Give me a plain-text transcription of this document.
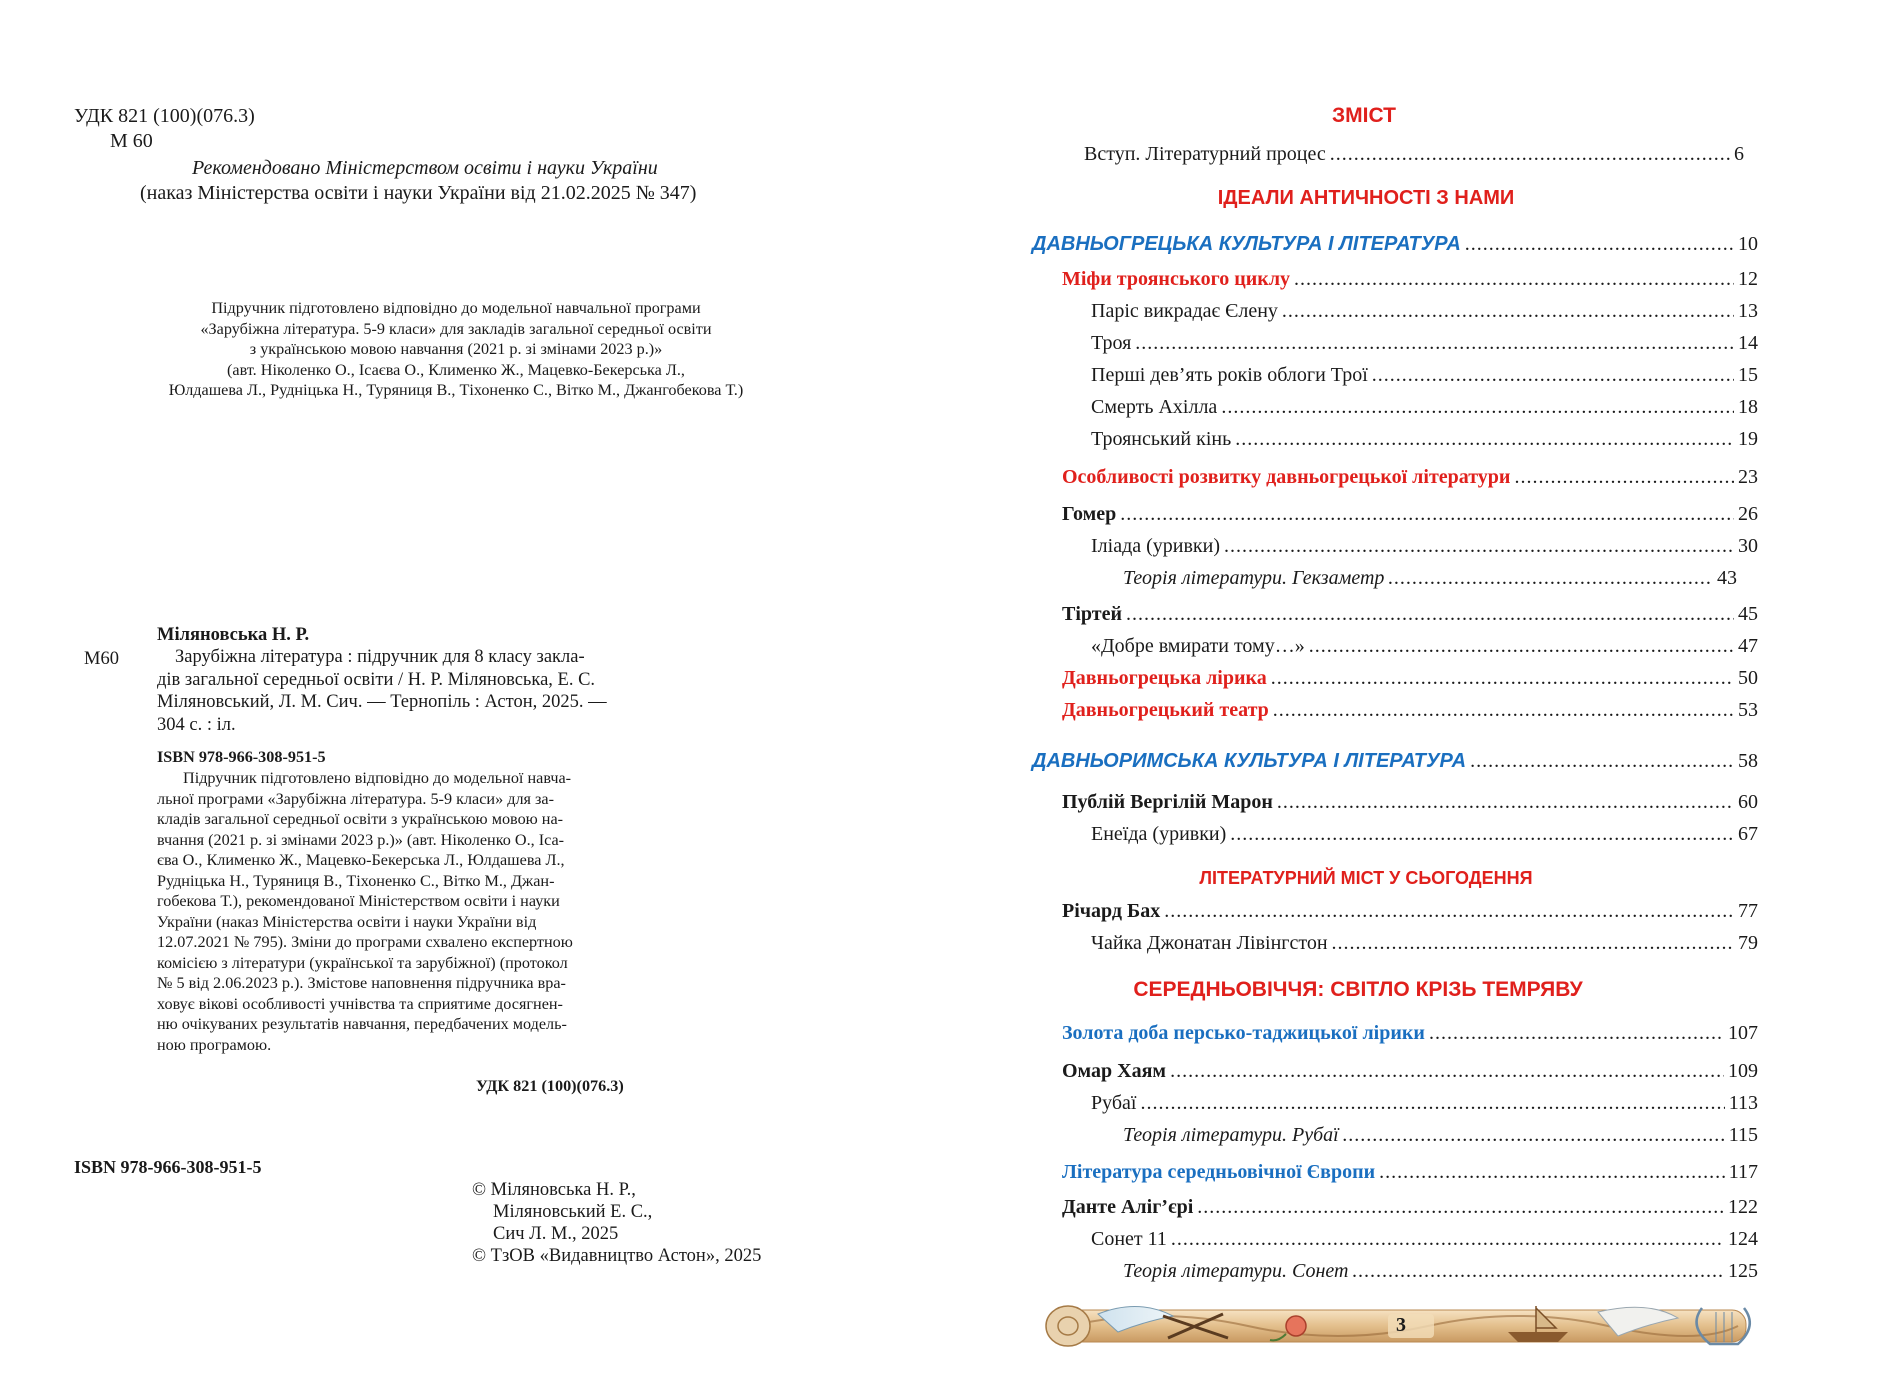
УДК 821 (100)(076.3)
М 60
Рекомендовано Міністерством освіти і науки України
(наказ Міністерства освіти і науки України від 21.02.2025 № 347)
Підручник підготовлено відповідно до модельної навчальної програми
«Зарубіжна література. 5-9 класи» для закладів загальної середньої освіти
з українською мовою навчання (2021 р. зі змінами 2023 р.)»
(авт. Ніколенко О., Ісаєва О., Клименко Ж., Мацевко-Бекерська Л.,
Юлдашева Л., Рудніцька Н., Туряниця В., Тіхоненко С., Вітко М., Джангобекова Т.)
Міляновська Н. Р.
М60	Зарубіжна література : підручник для 8 класу закла-
дів загальної середньої освіти / Н. Р. Міляновська, Е. С.
Міляновський, Л. М. Сич. — Тернопіль : Астон, 2025. —
304 с. : іл.
ISBN 978-966-308-951-5
Підручник підготовлено відповідно до модельної навча-
льної програми «Зарубіжна література. 5-9 класи» для за-
кладів загальної середньої освіти з українською мовою на-
вчання (2021 р. зі змінами 2023 р.)» (авт. Ніколенко О., Іса-
єва О., Клименко Ж., Мацевко-Бекерська Л., Юлдашева Л.,
Рудніцька Н., Туряниця В., Тіхоненко С., Вітко М., Джан-
гобекова Т.), рекомендованої Міністерством освіти і науки
України (наказ Міністерства освіти і науки України від
12.07.2021 № 795). Зміни до програми схвалено експертною
комісією з літератури (української та зарубіжної) (протокол
№ 5 від 2.06.2023 р.). Змістове наповнення підручника вра-
ховує вікові особливості учнівства та сприятиме досягнен-
ню очікуваних результатів навчання, передбачених модель-
ною програмою.
УДК 821 (100)(076.3)
ISBN 978-966-308-951-5
© Міляновська Н. Р.,
Міляновський Е. С.,
Сич Л. М., 2025
© ТзОВ «Видавництво Астон», 2025
ЗМІСТ
Вступ. Літературний процес .....	6
ІДЕАЛИ АНТИЧНОСТІ З НАМИ
ДАВНЬОГРЕЦЬКА КУЛЬТУРА І ЛІТЕРАТУРА .....	10
Міфи троянського циклу .....	12
Паріс викрадає Єлену .....	13
Троя .....	14
Перші дев’ять років облоги Трої .....	15
Смерть Ахілла .....	18
Троянський кінь .....	19
Особливості розвитку давньогрецької літератури .....	23
Гомер .....	26
Іліада (уривки) .....	30
Теорія літератури. Гекзаметр .....	43
Тіртей .....	45
«Добре вмирати тому…» .....	47
Давньогрецька лірика .....	50
Давньогрецький театр .....	53
ДАВНЬОРИМСЬКА КУЛЬТУРА І ЛІТЕРАТУРА .....	58
Публій Вергілій Марон .....	60
Енеїда (уривки) .....	67
ЛІТЕРАТУРНИЙ МІСТ У СЬОГОДЕННЯ
Річард Бах .....	77
Чайка Джонатан Лівінгстон .....	79
СЕРЕДНЬОВІЧЧЯ: СВІТЛО КРІЗЬ ТЕМРЯВУ
Золота доба персько-таджицької лірики .....	107
Омар Хаям .....	109
Рубаї .....	113
Теорія літератури. Рубаї .....	115
Література середньовічної Європи .....	117
Данте Аліг’єрі .....	122
Сонет 11 .....	124
Теорія літератури. Сонет .....	125
3
